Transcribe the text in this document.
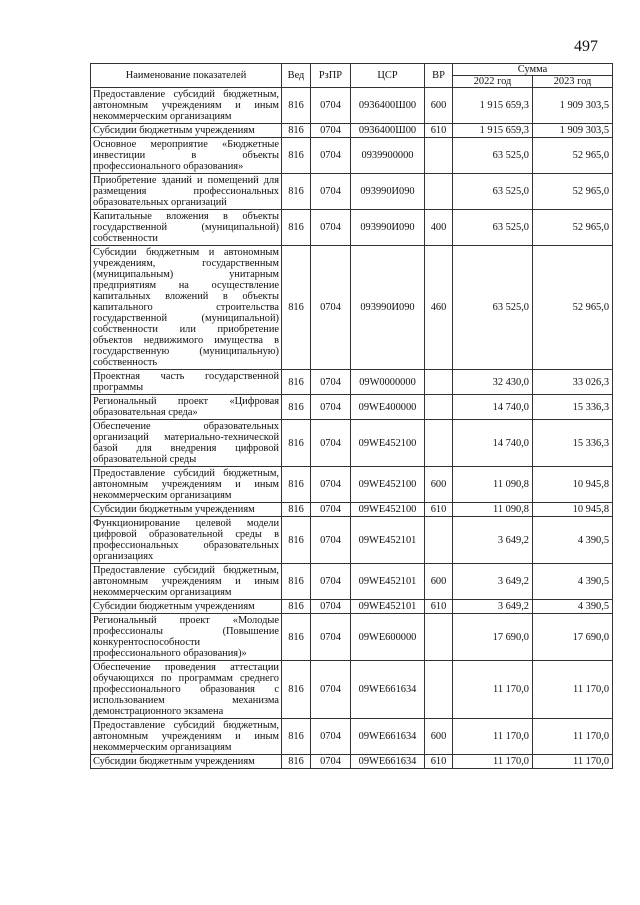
497
Наименование показателей	Вед	РзПР	ЦСР	ВР	Сумма	
					2022 год	2023 год
Предоставление субсидий бюджетным, автономным учреждениям и иным некоммерческим организациям	816	0704	0936400Ш00	600	1 915 659,3	1 909 303,5
Субсидии бюджетным учреждениям	816	0704	0936400Ш00	610	1 915 659,3	1 909 303,5
Основное мероприятие «Бюджетные инвестиции в объекты профессионального образования»	816	0704	0939900000		63 525,0	52 965,0
Приобретение зданий и помещений для размещения профессиональных образовательных организаций	816	0704	093990И090		63 525,0	52 965,0
Капитальные вложения в объекты государственной (муниципальной) собственности	816	0704	093990И090	400	63 525,0	52 965,0
Субсидии бюджетным и автономным учреждениям, государственным (муниципальным) унитарным предприятиям на осуществление капитальных вложений в объекты капитального строительства государственной (муниципальной) собственности или приобретение объектов недвижимого имущества в государственную (муниципальную) собственность	816	0704	093990И090	460	63 525,0	52 965,0
Проектная часть государственной программы	816	0704	09W0000000		32 430,0	33 026,3
Региональный проект «Цифровая образовательная среда»	816	0704	09WE400000		14 740,0	15 336,3
Обеспечение образовательных организаций материально-технической базой для внедрения цифровой образовательной среды	816	0704	09WE452100		14 740,0	15 336,3
Предоставление субсидий бюджетным, автономным учреждениям и иным некоммерческим организациям	816	0704	09WE452100	600	11 090,8	10 945,8
Субсидии бюджетным учреждениям	816	0704	09WE452100	610	11 090,8	10 945,8
Функционирование целевой модели цифровой образовательной среды в профессиональных образовательных организациях	816	0704	09WE452101		3 649,2	4 390,5
Предоставление субсидий бюджетным, автономным учреждениям и иным некоммерческим организациям	816	0704	09WE452101	600	3 649,2	4 390,5
Субсидии бюджетным учреждениям	816	0704	09WE452101	610	3 649,2	4 390,5
Региональный проект «Молодые профессионалы (Повышение конкурентоспособности профессионального образования)»	816	0704	09WE600000		17 690,0	17 690,0
Обеспечение проведения аттестации обучающихся по программам среднего профессионального образования с использованием механизма демонстрационного экзамена	816	0704	09WE661634		11 170,0	11 170,0
Предоставление субсидий бюджетным, автономным учреждениям и иным некоммерческим организациям	816	0704	09WE661634	600	11 170,0	11 170,0
Субсидии бюджетным учреждениям	816	0704	09WE661634	610	11 170,0	11 170,0
